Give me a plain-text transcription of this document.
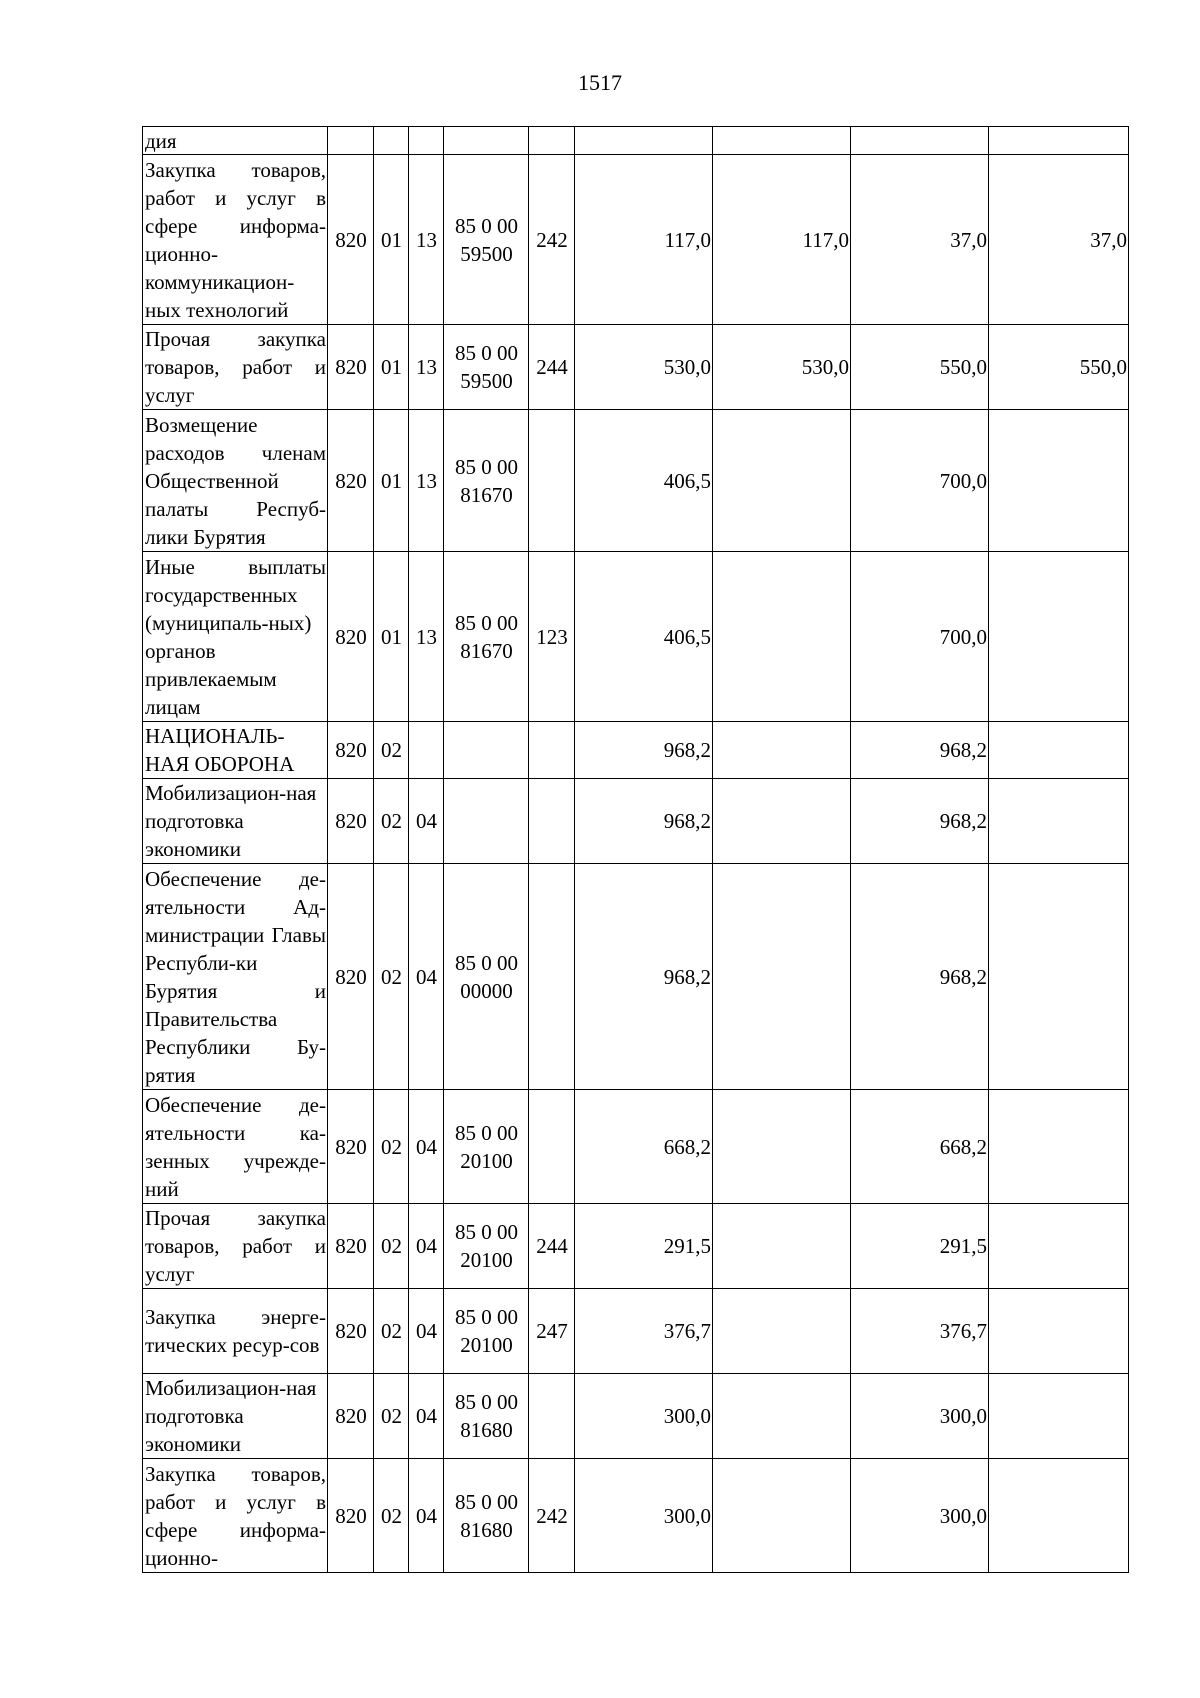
1517
дия									
Закупка товаров, работ и услуг в сфере информа-ционно-коммуникацион-ных технологий	820	01	13	85 0 00 59500	242	117,0	117,0	37,0	37,0
Прочая закупка товаров, работ и услуг	820	01	13	85 0 00 59500	244	530,0	530,0	550,0	550,0
Возмещение расходов членам Общественной палаты Респуб-лики Бурятия	820	01	13	85 0 00 81670		406,5		700,0	
Иные выплаты государственных (муниципаль-ных) органов привлекаемым лицам	820	01	13	85 0 00 81670	123	406,5		700,0	
НАЦИОНАЛЬ-НАЯ ОБОРОНА	820	02				968,2		968,2	
Мобилизацион-ная подготовка экономики	820	02	04			968,2		968,2	
Обеспечение де-ятельности Ад-министрации Главы Республи-ки Бурятия и Правительства Республики Бу-рятия	820	02	04	85 0 00 00000		968,2		968,2	
Обеспечение де-ятельности ка-зенных учрежде-ний	820	02	04	85 0 00 20100		668,2		668,2	
Прочая закупка товаров, работ и услуг	820	02	04	85 0 00 20100	244	291,5		291,5	
Закупка энерге-тических ресур-сов	820	02	04	85 0 00 20100	247	376,7		376,7	
Мобилизацион-ная подготовка экономики	820	02	04	85 0 00 81680		300,0		300,0	
Закупка товаров, работ и услуг в сфере информа-ционно-	820	02	04	85 0 00 81680	242	300,0		300,0	
